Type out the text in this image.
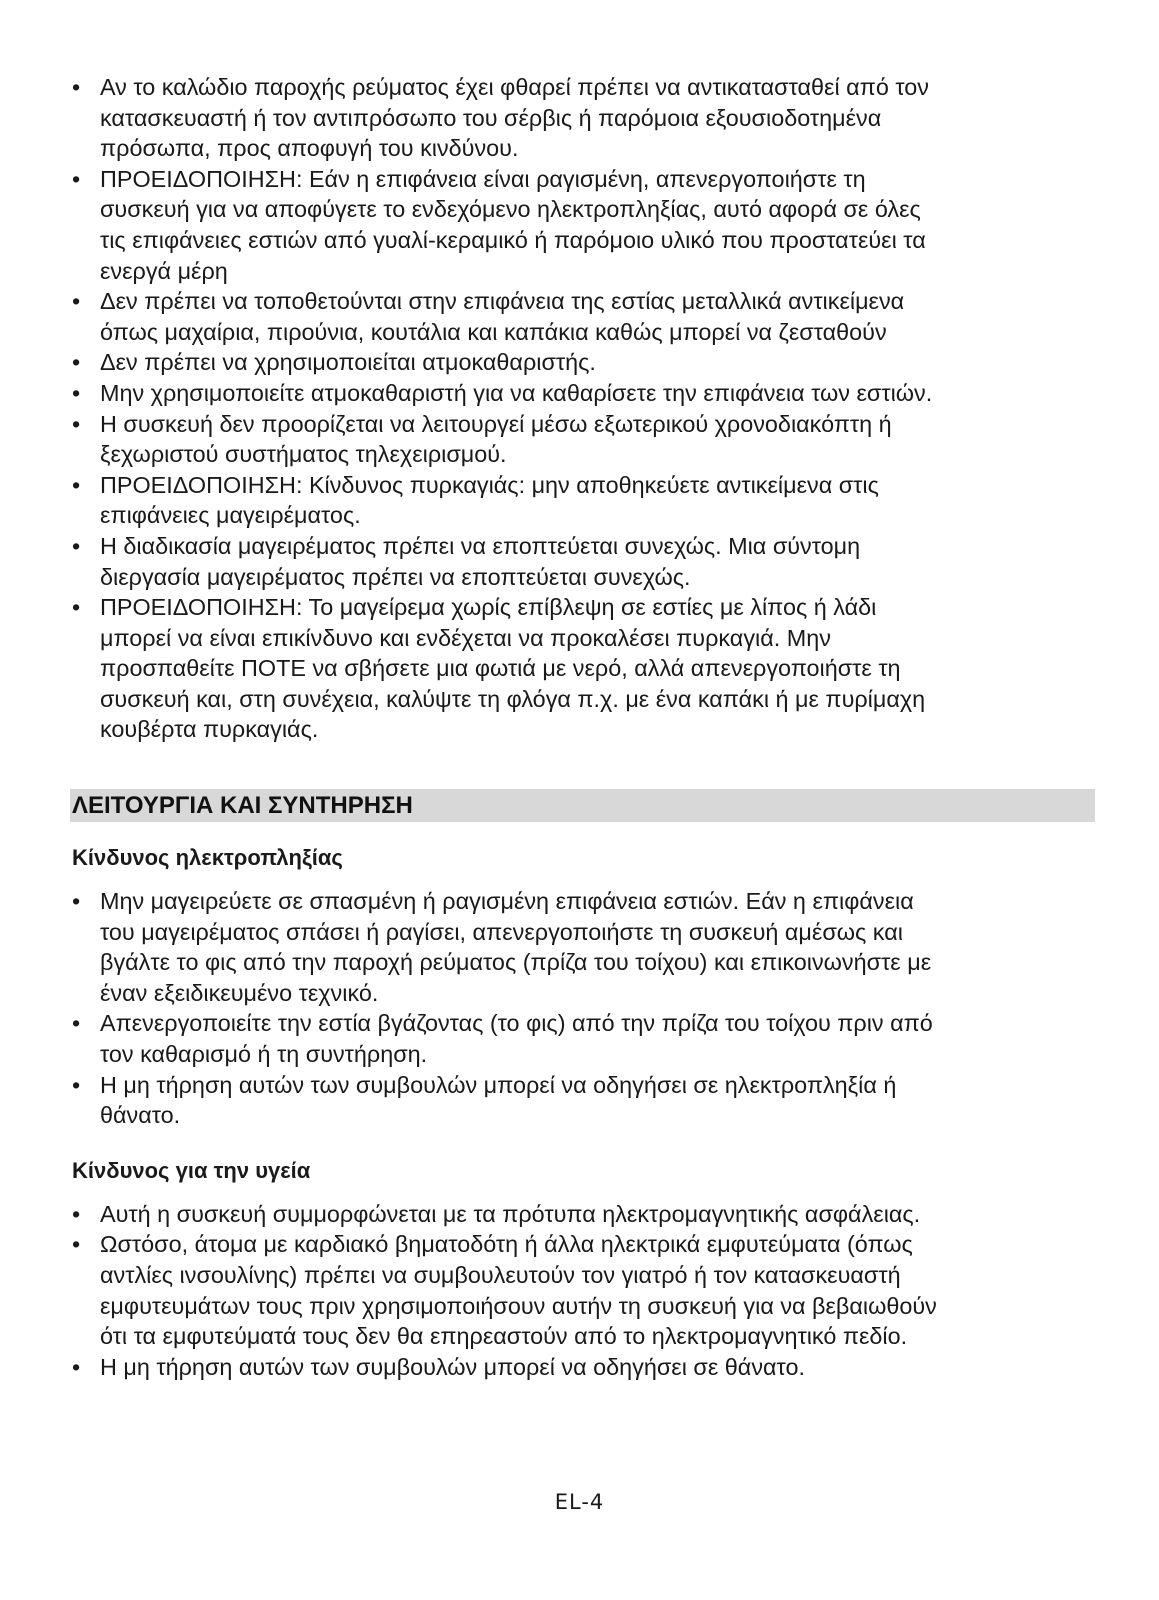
• Αν το καλώδιο παροχής ρεύματος έχει φθαρεί πρέπει να αντικατασταθεί από τον
κατασκευαστή ή τον αντιπρόσωπο του σέρβις ή παρόμοια εξουσιοδοτημένα
πρόσωπα, προς αποφυγή του κινδύνου.
• ΠΡΟΕΙΔΟΠΟΙΗΣΗ: Εάν η επιφάνεια είναι ραγισμένη, απενεργοποιήστε τη
συσκευή για να αποφύγετε το ενδεχόμενο ηλεκτροπληξίας, αυτό αφορά σε όλες
τις επιφάνειες εστιών από γυαλί-κεραμικό ή παρόμοιο υλικό που προστατεύει τα
ενεργά μέρη
• Δεν πρέπει να τοποθετούνται στην επιφάνεια της εστίας μεταλλικά αντικείμενα
όπως μαχαίρια, πιρούνια, κουτάλια και καπάκια καθώς μπορεί να ζεσταθούν
• Δεν πρέπει να χρησιμοποιείται ατμοκαθαριστής.
• Μην χρησιμοποιείτε ατμοκαθαριστή για να καθαρίσετε την επιφάνεια των εστιών.
• Η συσκευή δεν προορίζεται να λειτουργεί μέσω εξωτερικού χρονοδιακόπτη ή
ξεχωριστού συστήματος τηλεχειρισμού.
• ΠΡΟΕΙΔΟΠΟΙΗΣΗ: Κίνδυνος πυρκαγιάς: μην αποθηκεύετε αντικείμενα στις
επιφάνειες μαγειρέματος.
• Η διαδικασία μαγειρέματος πρέπει να εποπτεύεται συνεχώς. Μια σύντομη
διεργασία μαγειρέματος πρέπει να εποπτεύεται συνεχώς.
• ΠΡΟΕΙΔΟΠΟΙΗΣΗ: Το μαγείρεμα χωρίς επίβλεψη σε εστίες με λίπος ή λάδι
μπορεί να είναι επικίνδυνο και ενδέχεται να προκαλέσει πυρκαγιά. Μην
προσπαθείτε ΠΟΤΕ να σβήσετε μια φωτιά με νερό, αλλά απενεργοποιήστε τη
συσκευή και, στη συνέχεια, καλύψτε τη φλόγα π.χ. με ένα καπάκι ή με πυρίμαχη
κουβέρτα πυρκαγιάς.
ΛΕΙΤΟΥΡΓΙΑ ΚΑΙ ΣΥΝΤΗΡΗΣΗ
Κίνδυνος ηλεκτροπληξίας
• Μην μαγειρεύετε σε σπασμένη ή ραγισμένη επιφάνεια εστιών. Εάν η επιφάνεια
του μαγειρέματος σπάσει ή ραγίσει, απενεργοποιήστε τη συσκευή αμέσως και
βγάλτε το φις από την παροχή ρεύματος (πρίζα του τοίχου) και επικοινωνήστε με
έναν εξειδικευμένο τεχνικό.
• Απενεργοποιείτε την εστία βγάζοντας (το φις) από την πρίζα του τοίχου πριν από
τον καθαρισμό ή τη συντήρηση.
• Η μη τήρηση αυτών των συμβουλών μπορεί να οδηγήσει σε ηλεκτροπληξία ή
θάνατο.
Κίνδυνος για την υγεία
• Αυτή η συσκευή συμμορφώνεται με τα πρότυπα ηλεκτρομαγνητικής ασφάλειας.
• Ωστόσο, άτομα με καρδιακό βηματοδότη ή άλλα ηλεκτρικά εμφυτεύματα (όπως
αντλίες ινσουλίνης) πρέπει να συμβουλευτούν τον γιατρό ή τον κατασκευαστή
εμφυτευμάτων τους πριν χρησιμοποιήσουν αυτήν τη συσκευή για να βεβαιωθούν
ότι τα εμφυτεύματά τους δεν θα επηρεαστούν από το ηλεκτρομαγνητικό πεδίο.
• Η μη τήρηση αυτών των συμβουλών μπορεί να οδηγήσει σε θάνατο.
EL-4
